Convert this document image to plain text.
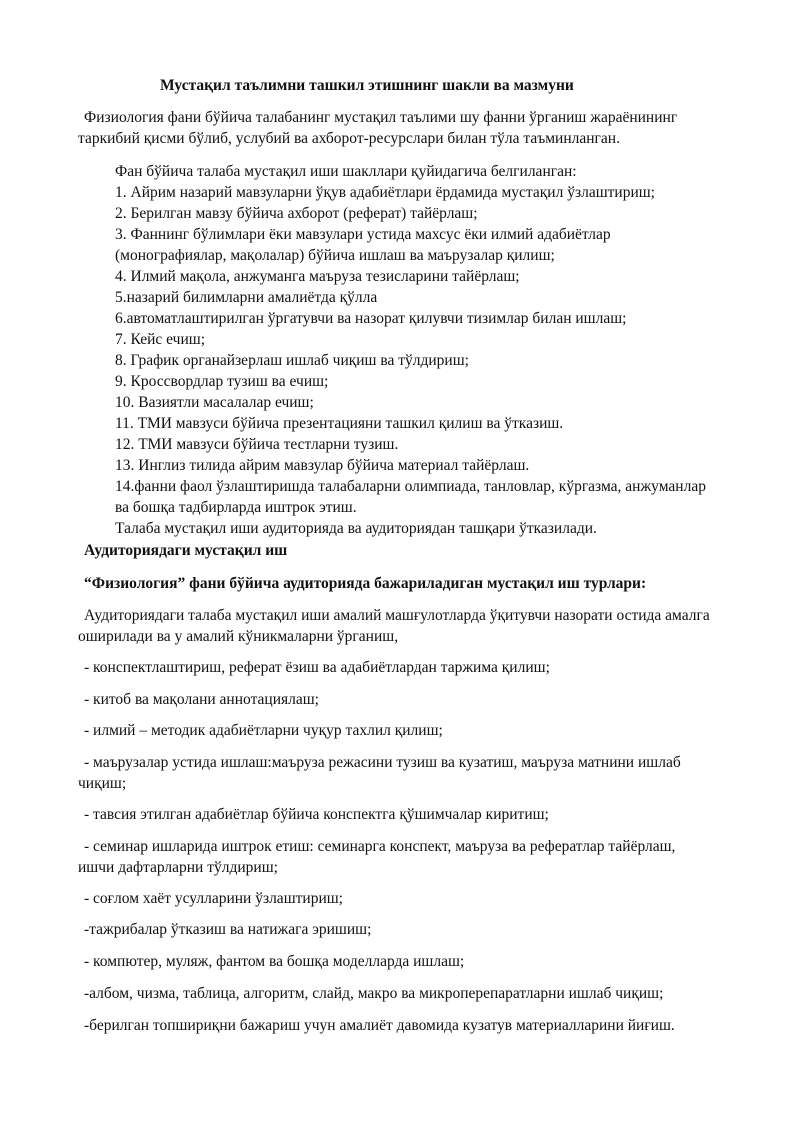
Мустақил таълимни ташкил этишнинг шакли ва мазмуни

Физиология фани бўйича талабанинг мустақил таълими шу фанни ўрганиш жараёнининг

таркибий қисми бўлиб, услубий ва ахборот-ресурслари билан тўла таъминланган.

Фан бўйича талаба мустақил иши шакллари қуйидагича белгиланган:

1. Айрим назарий мавзуларни ўқув адабиётлари ёрдамида мустақил ўзлаштириш;

2. Берилган мавзу бўйича ахборот (реферат) тайёрлаш;

3. Фаннинг бўлимлари ёки мавзулари устида махсус ёки илмий адабиётлар

(монографиялар, мақолалар) бўйича ишлаш ва маърузалар қилиш;

4. Илмий мақола, анжуманга маъруза тезисларини тайёрлаш;

5.назарий билимларни амалиётда қўлла

6.автоматлаштирилган ўргатувчи ва назорат қилувчи тизимлар билан ишлаш;

7. Кейс ечиш;

8. График органайзерлаш ишлаб чиқиш ва тўлдириш;

9. Кроссвордлар тузиш ва ечиш;

10. Вазиятли масалалар ечиш;

11. ТМИ мавзуси бўйича презентацияни ташкил қилиш ва ўтказиш.

12. ТМИ мавзуси бўйича тестларни тузиш.

13. Инглиз тилида айрим мавзулар бўйича материал тайёрлаш.

14.фанни фаол ўзлаштиришда талабаларни олимпиада, танловлар, кўргазма, анжуманлар

ва бошқа тадбирларда иштрок этиш.

Талаба мустақил иши аудиторияда ва аудиториядан ташқари ўтказилади.

Аудиториядаги мустақил иш

“Физиология” фани бўйича аудиторияда бажариладиган мустақил иш турлари:

Аудиториядаги талаба мустақил иши амалий машғулотларда ўқитувчи назорати остида амалга

оширилади ва у амалий кўникмаларни ўрганиш,

- конспектлаштириш, реферат ёзиш ва адабиётлардан таржима қилиш;

- китоб ва мақолани аннотациялаш;

- илмий – методик адабиётларни чуқур тахлил қилиш;

- маърузалар устида ишлаш:маъруза режасини тузиш ва кузатиш, маъруза матнини ишлаб

чиқиш;

- тавсия этилган адабиётлар бўйича конспектга қўшимчалар киритиш;

- семинар ишларида иштрок етиш: семинарга конспект, маъруза ва рефератлар тайёрлаш,

ишчи дафтарларни тўлдириш;

- соғлом хаёт усулларини ўзлаштириш;

-тажрибалар ўтказиш ва натижага эришиш;

- компютер, муляж, фантом ва бошқа моделларда ишлаш;

-албом, чизма, таблица, алгоритм, слайд, макро ва микроперепаратларни ишлаб чиқиш;

-берилган топшириқни бажариш учун амалиёт давомида кузатув материалларини йиғиш.
